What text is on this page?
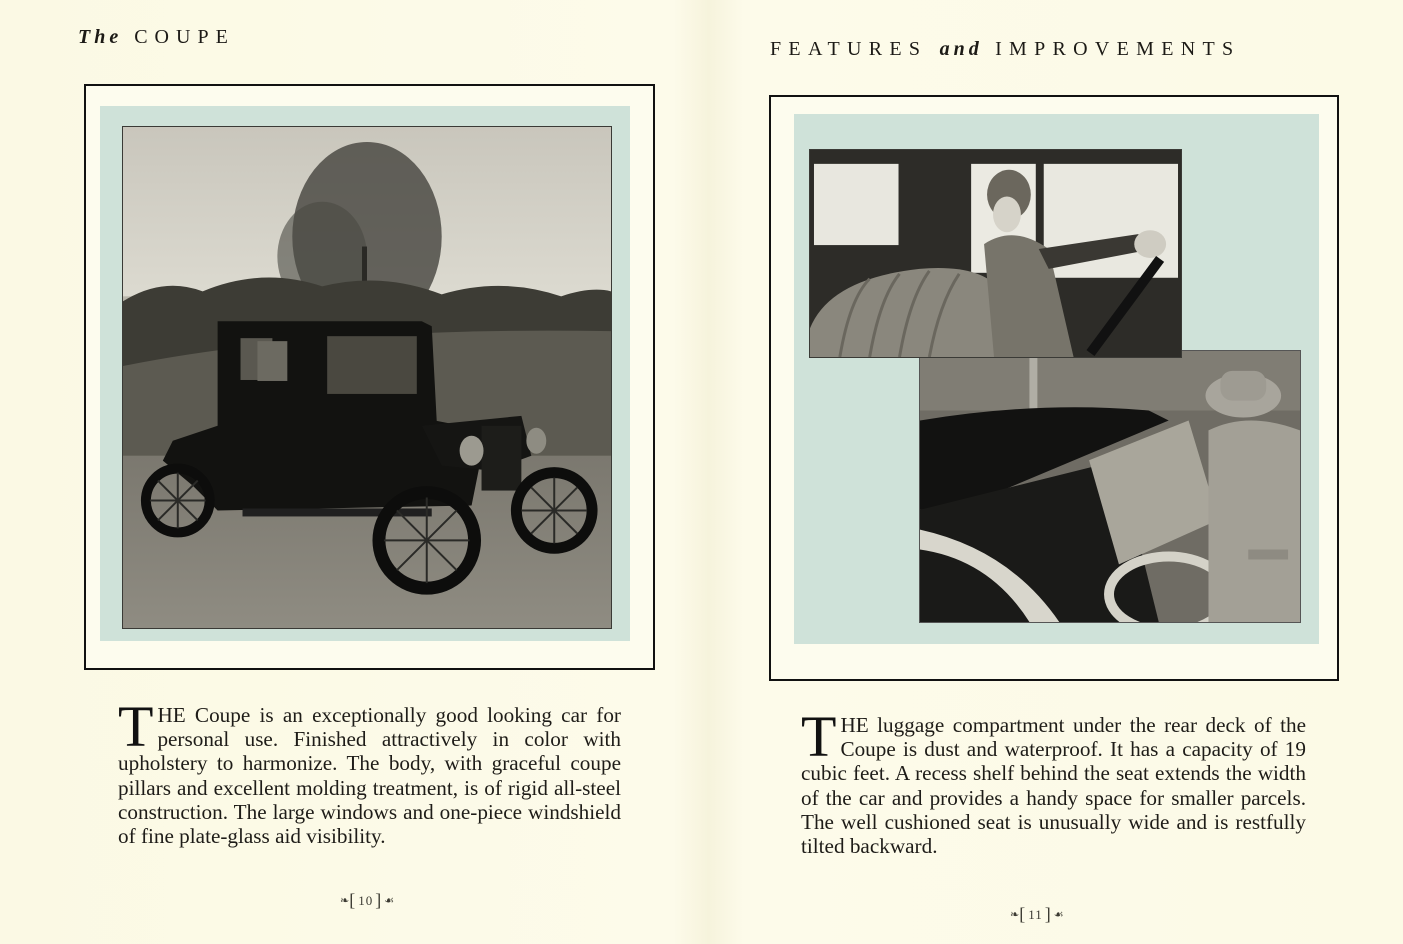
The COUPE
T HE Coupe is an exceptionally good looking car for personal use. Finished attractively in color with upholstery to harmonize. The body, with graceful coupe pillars and excellent molding treatment, is of rigid all-steel construction. The large windows and one-piece windshield of fine plate-glass aid visibility.

❧ [ 10 ] ☙
FEATURES and IMPROVEMENTS
T HE luggage compartment under the rear deck of the Coupe is dust and waterproof. It has a capacity of 19 cubic feet. A recess shelf behind the seat extends the width of the car and provides a handy space for smaller parcels. The well cushioned seat is unusually wide and is restfully tilted backward.

❧ [ 11 ] ☙
